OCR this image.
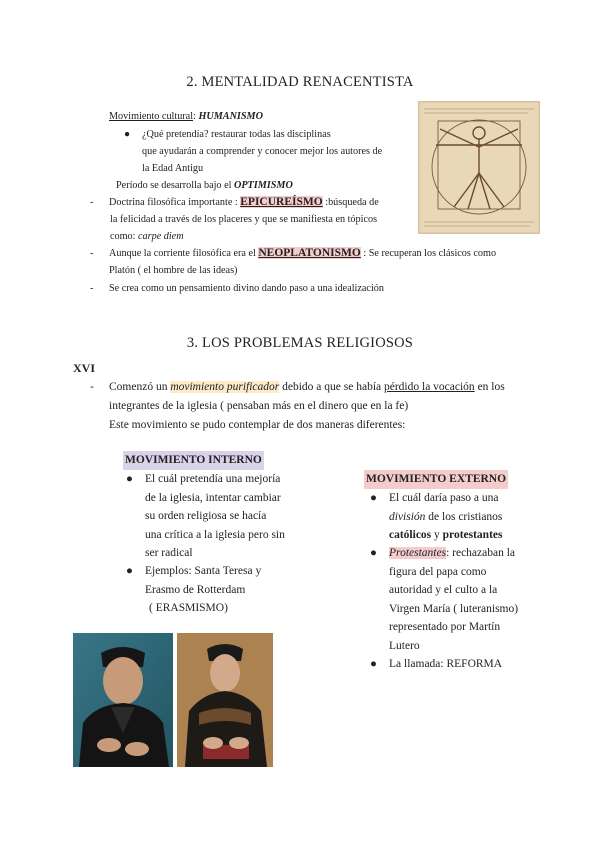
2. MENTALIDAD RENACENTISTA
Movimiento cultural: HUMANISMO
● ¿Qué pretendía? restaurar todas las disciplinas
que ayudarán a comprender y conocer mejor los autores de
la Edad Antigu
Período se desarrolla bajo el OPTIMISMO
- Doctrina filosófica importante : EPICUREÍSMO :búsqueda de
la felicidad a través de los placeres y que se manifiesta en tópicos
como: carpe diem
- Aunque la corriente filosófica era el NEOPLATONISMO : Se recuperan los clásicos como
Platón ( el hombre de las ideas)
- Se crea como un pensamiento divino dando paso a una idealización
3. LOS PROBLEMAS RELIGIOSOS
XVI
- Comenzó un movimiento purificador debido a que se había pérdido la vocación en los
integrantes de la iglesia ( pensaban más en el dinero que en la fe)
Este movimiento se pudo contemplar de dos maneras diferentes:
MOVIMIENTO INTERNO
● El cuál pretendía una mejoría
de la iglesia, intentar cambiar
su orden religiosa se hacía
una crítica a la iglesia pero sin
ser radical
● Ejemplos: Santa Teresa y
Erasmo de Rotterdam
( ERASMISMO)
MOVIMIENTO EXTERNO
● El cuál daría paso a una
división de los cristianos
católicos y protestantes
● Protestantes: rechazaban la
figura del papa como
autoridad y el culto a la
Virgen María ( luteranismo)
representado por Martín
Lutero
● La llamada: REFORMA
